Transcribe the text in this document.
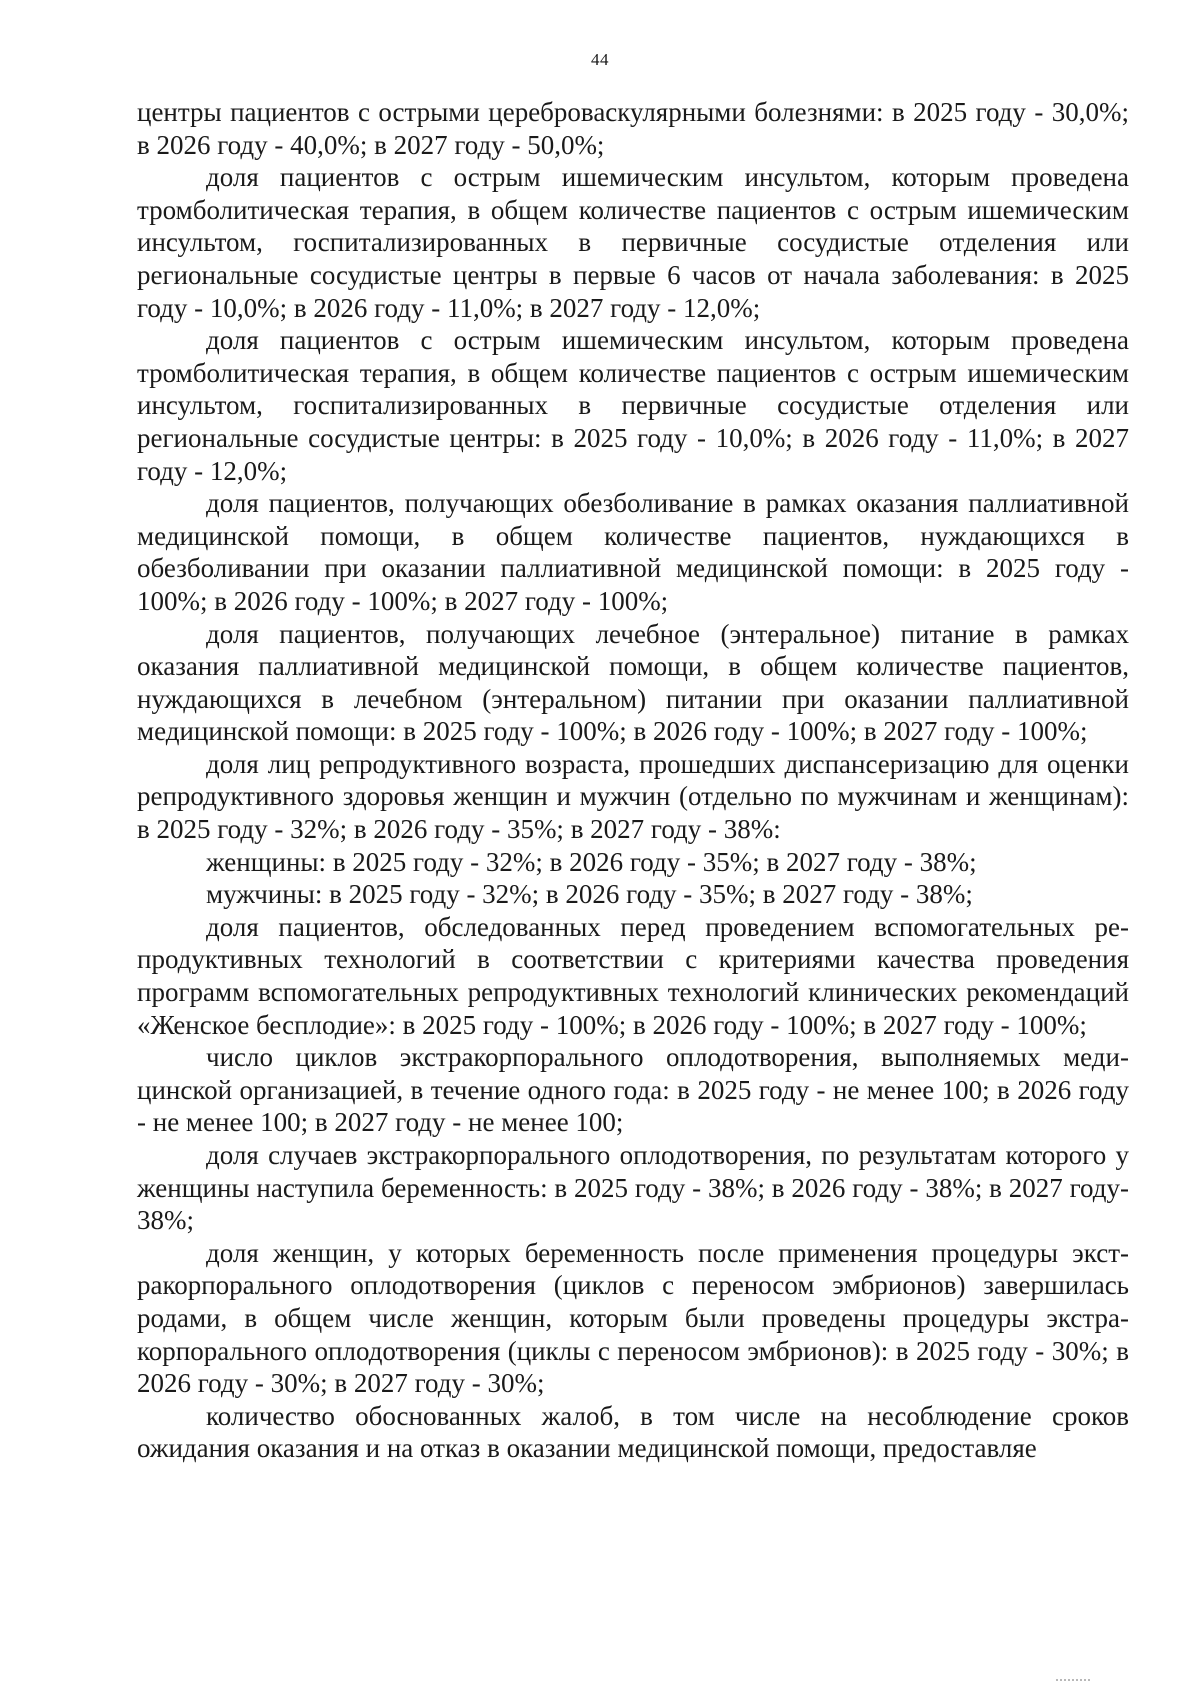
44

центры пациентов с острыми цереброваскулярными болезнями: в 2025 году - 30,0%; в 2026 году - 40,0%; в 2027 году - 50,0%;

доля пациентов с острым ишемическим инсультом, которым проведена тромболитическая терапия, в общем количестве пациентов с острым ишемическим инсультом, госпитализированных в первичные сосудистые отделения или региональные сосудистые центры в первые 6 часов от начала заболевания: в 2025 году - 10,0%; в 2026 году - 11,0%; в 2027 году - 12,0%;

доля пациентов с острым ишемическим инсультом, которым проведена тромболитическая терапия, в общем количестве пациентов с острым ишемическим инсультом, госпитализированных в первичные сосудистые отделения или региональные сосудистые центры: в 2025 году - 10,0%; в 2026 году - 11,0%; в 2027 году - 12,0%;

доля пациентов, получающих обезболивание в рамках оказания паллиативной медицинской помощи, в общем количестве пациентов, нуждающихся в обезболивании при оказании паллиативной медицинской помощи: в 2025 году - 100%; в 2026 году - 100%; в 2027 году - 100%;

доля пациентов, получающих лечебное (энтеральное) питание в рамках оказания паллиативной медицинской помощи, в общем количестве пациентов, нуждающихся в лечебном (энтеральном) питании при оказании паллиативной медицинской помощи: в 2025 году - 100%; в 2026 году - 100%; в 2027 году - 100%;

доля лиц репродуктивного возраста, прошедших диспансеризацию для оценки репродуктивного здоровья женщин и мужчин (отдельно по мужчинам и женщинам): в 2025 году - 32%; в 2026 году - 35%; в 2027 году - 38%:

женщины: в 2025 году - 32%; в 2026 году - 35%; в 2027 году - 38%;

мужчины: в 2025 году - 32%; в 2026 году - 35%; в 2027 году - 38%;

доля пациентов, обследованных перед проведением вспомогательных репродуктивных технологий в соответствии с критериями качества проведения программ вспомогательных репродуктивных технологий клинических рекомендаций «Женское бесплодие»: в 2025 году - 100%; в 2026 году - 100%; в 2027 году - 100%;

число циклов экстракорпорального оплодотворения, выполняемых медицинской организацией, в течение одного года: в 2025 году - не менее 100; в 2026 году - не менее 100; в 2027 году - не менее 100;

доля случаев экстракорпорального оплодотворения, по результатам которого у женщины наступила беременность: в 2025 году - 38%; в 2026 году - 38%; в 2027 году- 38%;

доля женщин, у которых беременность после применения процедуры экстракорпорального оплодотворения (циклов с переносом эмбрионов) завершилась родами, в общем числе женщин, которым были проведены процедуры экстракорпорального оплодотворения (циклы с переносом эмбрионов): в 2025 году - 30%; в 2026 году - 30%; в 2027 году - 30%;

количество обоснованных жалоб, в том числе на несоблюдение сроков ожидания оказания и на отказ в оказании медицинской помощи, предоставляе
